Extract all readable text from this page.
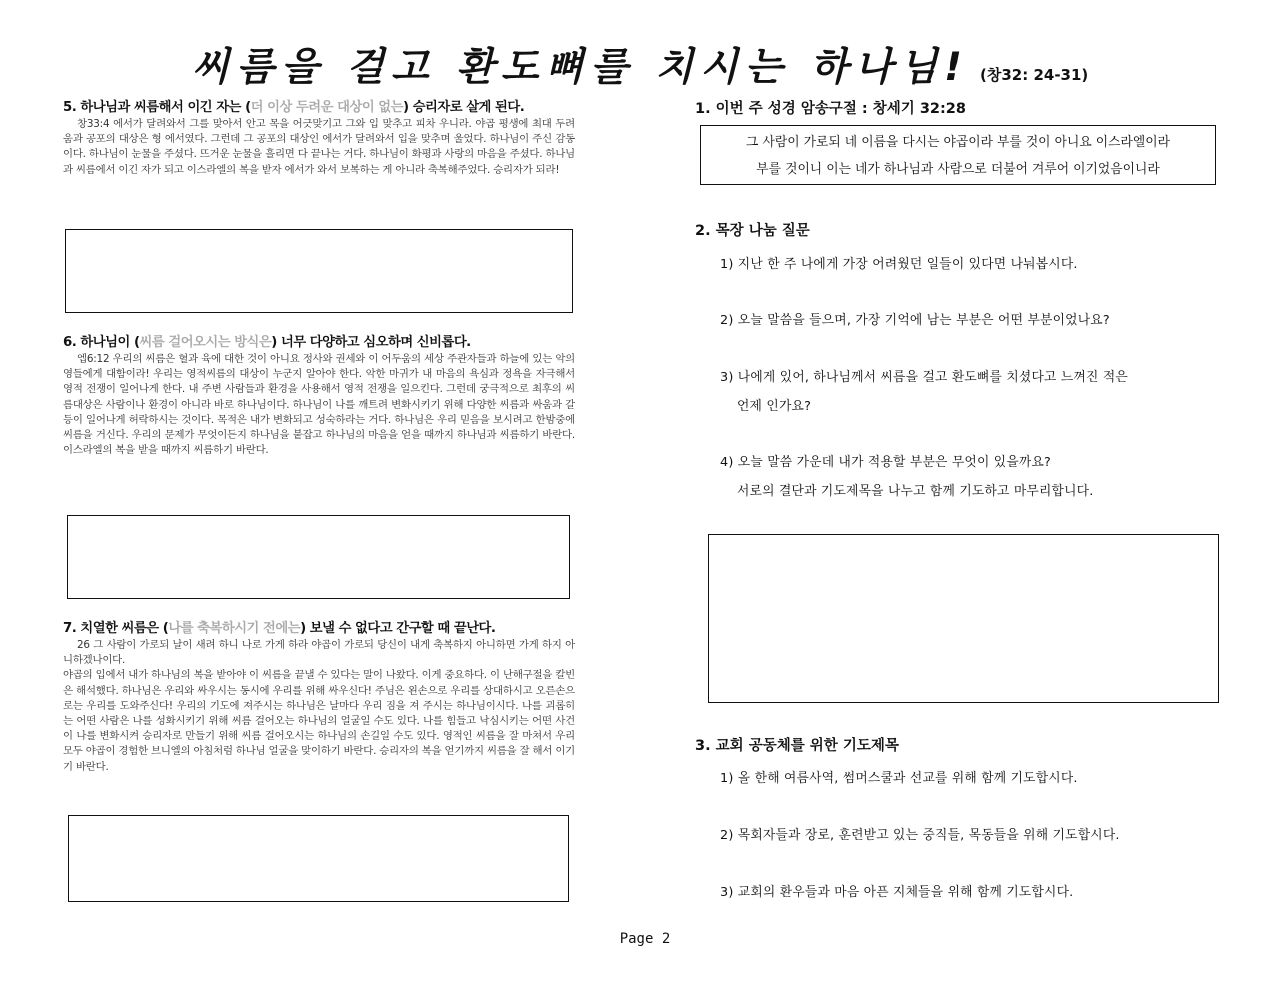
씨름을 걸고 환도뼈를 치시는 하나님! (창32: 24-31)
5. 하나님과 씨름해서 이긴 자는 (더 이상 두려운 대상이 없는) 승리자로 살게 된다.

창33:4 에서가 달려와서 그를 맞아서 안고 목을 어긋맞기고 그와 입 맞추고 피차 우니라. 야곱 평생에 최대 두려움과 공포의 대상은 형 에서였다. 그런데 그 공포의 대상인 에서가 달려와서 입을 맞추며 울었다. 하나님이 주신 감동이다. 하나님이 눈물을 주셨다. 뜨거운 눈물을 흘리면 다 끝나는 거다. 하나님이 화평과 사랑의 마음을 주셨다. 하나님과 씨름에서 이긴 자가 되고 이스라엘의 복을 받자 에서가 와서 보복하는 게 아니라 축복해주었다. 승리자가 되라!

6. 하나님이 (씨름 걸어오시는 방식은) 너무 다양하고 심오하며 신비롭다.

엡6:12 우리의 씨름은 혈과 육에 대한 것이 아니요 정사와 권세와 이 어두움의 세상 주관자들과 하늘에 있는 악의 영들에게 대함이라! 우리는 영적씨름의 대상이 누군지 알아야 한다. 악한 마귀가 내 마음의 욕심과 정욕을 자극해서 영적 전쟁이 일어나게 한다. 내 주변 사람들과 환경을 사용해서 영적 전쟁을 일으킨다. 그런데 궁극적으로 최후의 씨름대상은 사람이나 환경이 아니라 바로 하나님이다. 하나님이 나를 깨트려 변화시키기 위해 다양한 씨름과 싸움과 갈등이 일어나게 허락하시는 것이다. 목적은 내가 변화되고 성숙하라는 거다. 하나님은 우리 믿음을 보시려고 한밤중에 씨름을 거신다. 우리의 문제가 무엇이든지 하나님을 붙잡고 하나님의 마음을 얻을 때까지 하나님과 씨름하기 바란다. 이스라엘의 복을 받을 때까지 씨름하기 바란다.

7. 치열한 씨름은 (나를 축복하시기 전에는) 보낼 수 없다고 간구할 때 끝난다.

26 그 사람이 가로되 날이 새려 하니 나로 가게 하라 야곱이 가로되 당신이 내게 축복하지 아니하면 가게 하지 아니하겠나이다.

야곱의 입에서 내가 하나님의 복을 받아야 이 씨름을 끝낼 수 있다는 말이 나왔다. 이게 중요하다. 이 난해구절을 칼빈은 해석했다. 하나님은 우리와 싸우시는 동시에 우리를 위해 싸우신다! 주님은 왼손으로 우리를 상대하시고 오른손으로는 우리를 도와주신다! 우리의 기도에 져주시는 하나님은 날마다 우리 짐을 져 주시는 하나님이시다. 나를 괴롭히는 어떤 사람은 나를 성화시키기 위해 씨름 걸어오는 하나님의 얼굴일 수도 있다. 나를 힘들고 낙심시키는 어떤 사건이 나를 변화시켜 승리자로 만들기 위해 씨름 걸어오시는 하나님의 손길일 수도 있다. 영적인 씨름을 잘 마쳐서 우리 모두 야곱이 경험한 브니엘의 아침처럼 하나님 얼굴을 맞이하기 바란다. 승리자의 복을 얻기까지 씨름을 잘 해서 이기기 바란다.

1. 이번 주 성경 암송구절 : 창세기 32:28
그 사람이 가로되 네 이름을 다시는 야곱이라 부를 것이 아니요 이스라엘이라
부를 것이니 이는 네가 하나님과 사람으로 더불어 겨루어 이기었음이니라
2. 목장 나눔 질문
1) 지난 한 주 나에게 가장 어려웠던 일들이 있다면 나눠봅시다.
2) 오늘 말씀을 들으며, 가장 기억에 남는 부분은 어떤 부분이었나요?
3) 나에게 있어, 하나님께서 씨름을 걸고 환도뼈를 치셨다고 느껴진 적은
언제 인가요?
4) 오늘 말씀 가운데 내가 적용할 부분은 무엇이 있을까요?
서로의 결단과 기도제목을 나누고 함께 기도하고 마무리합니다.
3. 교회 공동체를 위한 기도제목
1) 올 한해 여름사역, 썸머스쿨과 선교를 위해 함께 기도합시다.
2) 목회자들과 장로, 훈련받고 있는 중직들, 목동들을 위해 기도합시다.
3) 교회의 환우들과 마음 아픈 지체들을 위해 함께 기도합시다.
Page 2
